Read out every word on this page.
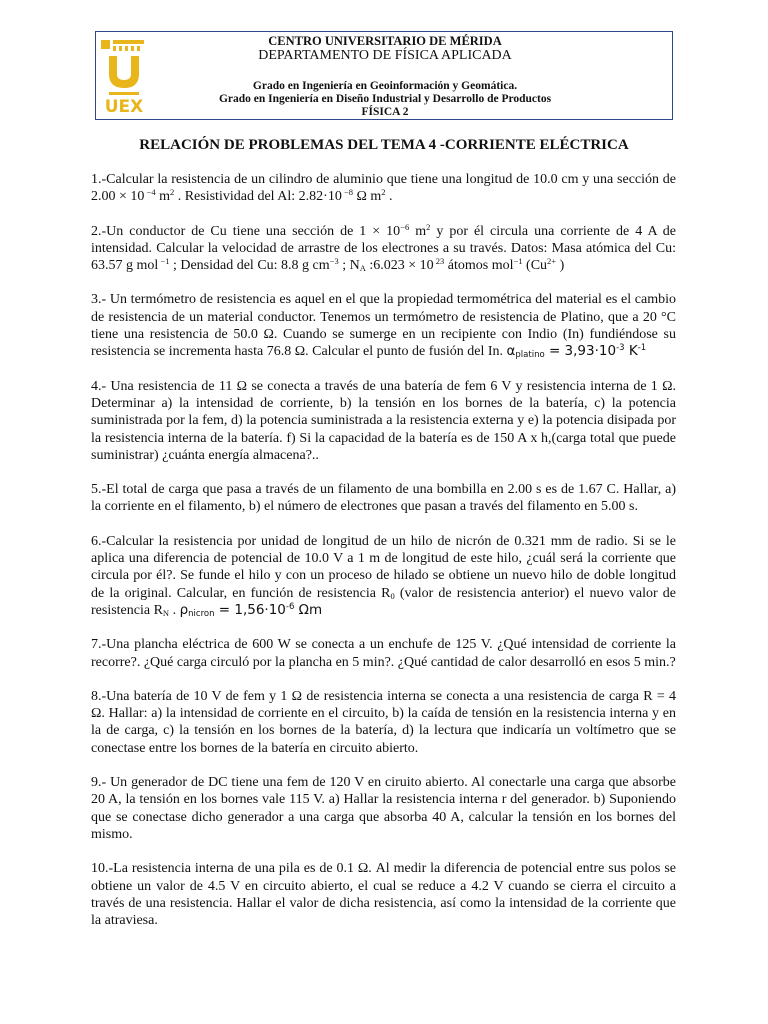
UEX
CENTRO UNIVERSITARIO DE MÉRIDA
DEPARTAMENTO DE FÍSICA APLICADA
Grado en Ingeniería en Geoinformación y Geomática.
Grado en Ingeniería en Diseño Industrial y Desarrollo de Productos
FÍSICA 2
RELACIÓN DE PROBLEMAS DEL TEMA 4 -CORRIENTE ELÉCTRICA

1.-Calcular la resistencia de un cilindro de aluminio que tiene una longitud de 10.0 cm y una sección de 2.00 × 10 $^{-4}$ $m^2$ . Resistividad del Al: 2.82·10 $^{-8}$ Ω $m^2$ .

2.-Un conductor de Cu tiene una sección de $1 \times 10^{-6}$ $m^2$ y por él circula una corriente de 4 A de intensidad. Calcular la velocidad de arrastre de los electrones a su través. Datos: Masa atómica del Cu: 63.57 g mol $^{-1}$ ; Densidad del Cu: 8.8 g $cm^{-3}$ ; $N_A$ :6.023 × 10 $^{23}$ átomos mol$^{-1}$ ($Cu^{2+}$ )

3.- Un termómetro de resistencia es aquel en el que la propiedad termométrica del material es el cambio de resistencia de un material conductor. Tenemos un termómetro de resistencia de Platino, que a 20 °C tiene una resistencia de 50.0 Ω. Cuando se sumerge en un recipiente con Indio (In) fundiéndose su resistencia se incrementa hasta 76.8 Ω. Calcular el punto de fusión del In. $\alpha_{platino} = 3,93\cdot 10^{-3}$ $K^{-1}$

4.- Una resistencia de 11 Ω se conecta a través de una batería de fem 6 V y resistencia interna de 1 Ω. Determinar a) la intensidad de corriente, b) la tensión en los bornes de la batería, c) la potencia suministrada por la fem, d) la potencia suministrada a la resistencia externa y e) la potencia disipada por la resistencia interna de la batería. f) Si la capacidad de la batería es de 150 A x h,(carga total que puede suministrar) ¿cuánta energía almacena?..

5.-El total de carga que pasa a través de un filamento de una bombilla en 2.00 s es de 1.67 C. Hallar, a) la corriente en el filamento, b) el número de electrones que pasan a través del filamento en 5.00 s.

6.-Calcular la resistencia por unidad de longitud de un hilo de nicrón de 0.321 mm de radio. Si se le aplica una diferencia de potencial de 10.0 V a 1 m de longitud de este hilo, ¿cuál será la corriente que circula por él?. Se funde el hilo y con un proceso de hilado se obtiene un nuevo hilo de doble longitud de la original. Calcular, en función de resistencia $R_0$ (valor de resistencia anterior) el nuevo valor de resistencia $R_N$ . $\rho_{nicron} = 1,56\cdot 10^{-6}$ Ωm

7.-Una plancha eléctrica de 600 W se conecta a un enchufe de 125 V. ¿Qué intensidad de corriente la recorre?. ¿Qué carga circuló por la plancha en 5 min?. ¿Qué cantidad de calor desarrolló en esos 5 min.?

8.-Una batería de 10 V de fem y 1 Ω de resistencia interna se conecta a una resistencia de carga R = 4 Ω. Hallar: a) la intensidad de corriente en el circuito, b) la caída de tensión en la resistencia interna y en la de carga, c) la tensión en los bornes de la batería, d) la lectura que indicaría un voltímetro que se conectase entre los bornes de la batería en circuito abierto.

9.- Un generador de DC tiene una fem de 120 V en ciruito abierto. Al conectarle una carga que absorbe 20 A, la tensión en los bornes vale 115 V. a) Hallar la resistencia interna r del generador. b) Suponiendo que se conectase dicho generador a una carga que absorba 40 A, calcular la tensión en los bornes del mismo.

10.-La resistencia interna de una pila es de 0.1 Ω. Al medir la diferencia de potencial entre sus polos se obtiene un valor de 4.5 V en circuito abierto, el cual se reduce a 4.2 V cuando se cierra el circuito a través de una resistencia. Hallar el valor de dicha resistencia, así como la intensidad de la corriente que la atraviesa.
